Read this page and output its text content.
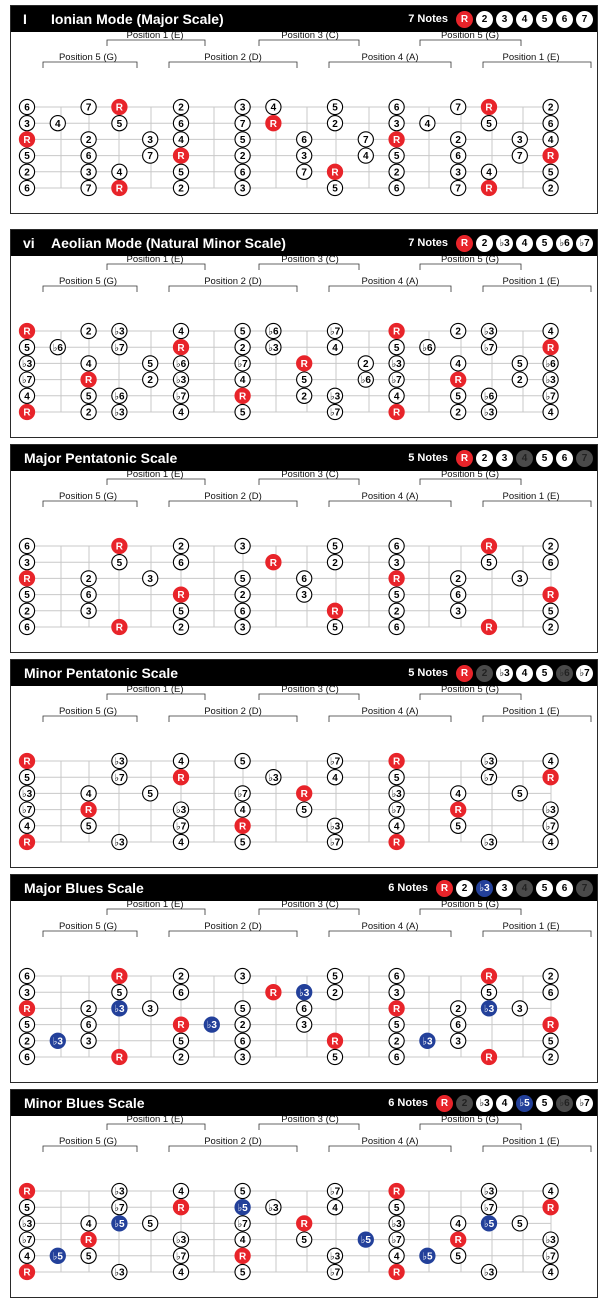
I Ionian Mode (Major Scale)	7 Notes	R	2	3	4	5	6	7
Position 1 (E)	Position 3 (C)	Position 5 (G)
Position 5 (G)	Position 2 (D)	Position 4 (A)	Position 1 (E)
6
3
R
5
2
6
4
7
2
6
3
7
R
5
4
R
3
7
2
6
4
R
5
2
3
7
5
2
6
3
4
R
6
3
7
5
2
R
5
7
4
6
3
R
5
2
6
4
7
2
6
3
7
R
5
4
R
3
7
2
6
4
R
5
2
vi Aeolian Mode (Natural Minor Scale)	7 Notes	R	2	♭3	4	5	♭6 ♭7
Position 1 (E)	Position 3 (C)	Position 5 (G)
Position 5 (G)	Position 2 (D)	Position 4 (A)	Position 1 (E)
R
5
♭3
♭7
4
R
♭6
2
4
R
5
2
♭3
♭7
♭6
♭3
5
2
4
R
♭6
♭3
♭7
4
5
2
♭7
4
R
5
♭6
♭3
R
5
2
♭7
4
♭3
♭7
2
♭6
R
5
♭3
♭7
4
R
♭6
2
4
R
5
2
♭3
♭7
♭6
♭3
5
2
4
R
♭6
♭3
♭7
4
Major Pentatonic Scale	5 Notes	R	2	3	4	5	6	7
Position 1 (E)	Position 3 (C)	Position 5 (G)
Position 5 (G)	Position 2 (D)	Position 4 (A)	Position 1 (E)
6
3
R
5
2
6
2
6
3
R
5
R
3
2
6
R
5
2
3
5
2
6
3
R
6
3
5
2
R
5
6
3
R
5
2
6
2
6
3
R
5
R
3
2
6
R
5
2
Minor Pentatonic Scale	5 Notes	R	2	♭3	4	5	♭6 ♭7
Position 1 (E)	Position 3 (C)	Position 5 (G)
Position 5 (G)	Position 2 (D)	Position 4 (A)	Position 1 (E)
R
5
♭3
♭7
4
R
4
R
5
♭3
♭7
♭3
5
4
R
♭3
♭7
4
5
♭7
4
R
5
♭3
R
5
♭7
4
♭3
♭7
R
5
♭3
♭7
4
R
4
R
5
♭3
♭7
♭3
5
4
R
♭3
♭7
4
Major Blues Scale	6 Notes	R	2	♭3	3	4	5	6	7
Position 1 (E)	Position 3 (C)	Position 5 (G)
Position 5 (G)	Position 2 (D)	Position 4 (A)	Position 1 (E)
6
3
R
5
2
6
♭3
2
6
3
R
5
♭3
R
3
2
6
R
5
2
♭3
3
5
2
6
3
R ♭3
6
3
5
2
R
5
6
3
R
5
2
6
♭3
2
6
3
R
5
♭3
R
3
2
6
R
5
2
Minor Blues Scale	6 Notes	R	2	♭3	4	♭5	5	♭6 ♭7
Position 1 (E)	Position 3 (C)	Position 5 (G)
Position 5 (G)	Position 2 (D)	Position 4 (A)	Position 1 (E)
R
5
♭3
♭7
4
R
♭5
4
R
5
♭3
♭7
♭5
♭3
5
4
R
♭3
♭7
4
5
♭5
♭7
4
R
5
♭3
R
5
♭7
4
♭3
♭7
♭5
R
5
♭3
♭7
4
R
♭5
4
R
5
♭3
♭7
♭5
♭3
5
4
R
♭3
♭7
4
